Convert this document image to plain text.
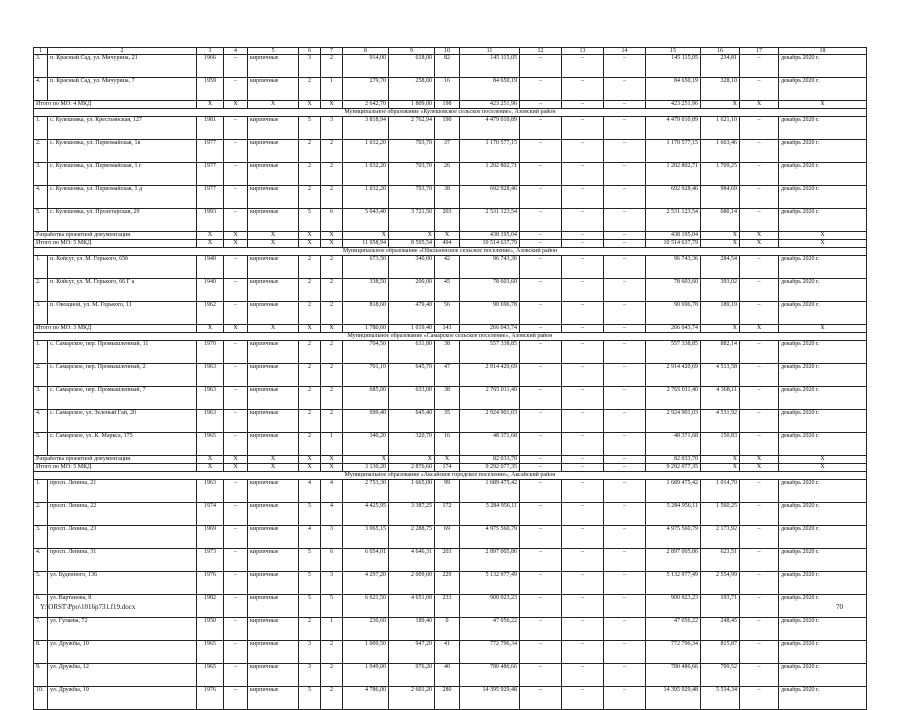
1	2	3	4	5	6	7	8	9	10	11	12	13	14	15	16	17	18
3.	п. Красный Сад, ул. Мичурина, 21	1966	–	кирпичные	3	2	914,00	618,00	82	145 115,05	–	–	–	145 115,05	234,81	–	декабрь 2020 г.
4.	п. Красный Сад, ул. Мичурина, 7	1959	–	кирпичные	2	1	279,70	258,00	16	84 650,19	–	–	–	84 650,19	328,10	–	декабрь 2020 г.
Итого по МО: 4 МКД		X	X	X	X	X	2 642,70	1 809,00	198	423 251,96	–	–	–	423 251,96	X	X	X
Муниципальное образование «Кулешовское сельское поселение», Азовский район																	
1.	с. Кулешовка, ул. Крестьянская, 127	1981	–	кирпичные	5	3	3 818,94	2 762,94	190	4 479 010,89	–	–	–	4 479 010,89	1 621,10	–	декабрь 2020 г.
2.	с. Кулешовка, ул. Первомайская, 1в	1977	–	кирпичные	2	2	1 032,20	703,70	37	1 170 577,15	–	–	–	1 170 577,15	1 663,46	–	декабрь 2020 г.
3.	с. Кулешовка, ул. Первомайская, 1 г	1977	–	кирпичные	2	2	1 032,20	703,70	26	1 202 802,71	–	–	–	1 202 802,71	1 709,25	–	декабрь 2020 г.
4.	с. Кулешовка, ул. Первомайская, 1 д	1977	–	кирпичные	2	2	1 032,20	703,70	38	692 928,46	–	–	–	692 928,46	984,69	–	декабрь 2020 г.
5.	с. Кулешовка, ул. Пролетарская, 29	1993	–	кирпичные	5	6	5 043,40	3 721,50	203	2 531 123,54	–	–	–	2 531 123,54	680,14	–	декабрь 2020 г.
Разработка проектной документации		X	X	X	X	X	X	X	X	438 195,04	–	–	–	438 195,04	X	X	X
Итого по МО: 5 МКД		X	X	X	X	X	11 958,94	8 595,54	494	10 514 637,79	–	–	–	10 514 637,79	X	X	X
Муниципальное образование «Обильненское сельское поселение», Азовский район																	
1.	п. Койсуг, ул. М. Горького, 65б	1940	–	кирпичные	2	2	673,50	340,00	42	96 743,36	–	–	–	96 743,36	284,54	–	декабрь 2020 г.
2.	п. Койсуг, ул. М. Горького, 66 Г а	1940	–	кирпичные	2	2	338,50	200,00	45	78 603,60	–	–	–	78 603,60	393,02	–	декабрь 2020 г.
3.	п. Овощной, ул. М. Горького, 11	1962	–	кирпичные	2	2	818,60	479,40	56	90 696,78	–	–	–	90 696,78	189,19	–	декабрь 2020 г.
Итого по МО: 3 МКД		X	X	X	X	X	1 780,60	1 019,40	143	266 043,74	–	–	–	266 043,74	X	X	X
Муниципальное образование «Самарское сельское поселение», Азовский район																	
1.	с. Самарское, пер. Промышленный, 11	1970	–	кирпичные	2	2	704,50	631,80	38	557 338,85	–	–	–	557 338,85	882,14	–	декабрь 2020 г.
2.	с. Самарское, пер. Промышленный, 2	1963	–	кирпичные	2	2	701,10	645,70	47	2 914 420,69	–	–	–	2 914 420,69	4 513,58	–	декабрь 2020 г.
3.	с. Самарское, пер. Промышленный, 7	1963	–	кирпичные	2	2	685,00	633,00	38	2 765 011,40	–	–	–	2 765 011,40	4 368,11	–	декабрь 2020 г.
4.	с. Самарское, ул. Зеленый Гай, 20	1963	–	кирпичные	2	2	699,40	645,40	35	2 924 901,03	–	–	–	2 924 901,03	4 531,92	–	декабрь 2020 г.
5.	с. Самарское, ул. К. Маркса, 175	1965	–	кирпичные	2	1	340,20	320,70	16	48 371,68	–	–	–	48 371,68	150,83	–	декабрь 2020 г.
Разработка проектной документации		X	X	X	X	X	X	X	X	82 033,70	–	–	–	82 033,70	X	X	X
Итого по МО: 5 МКД		X	X	X	X	X	3 130,20	2 876,60	174	9 292 077,35	–	–	–	9 292 077,35	X	X	X
Муниципальное образование «Аксайское городское поселение», Аксайский район																	
1.	просп. Ленина, 21	1963	–	кирпичные	4	4	2 753,30	1 665,00	99	1 689 475,42	–	–	–	1 689 475,42	1 014,70	–	декабрь 2020 г.
2.	просп. Ленина, 22	1974	–	кирпичные	5	4	4 425,95	3 387,25	172	5 284 956,11	–	–	–	5 284 956,11	1 560,25	–	декабрь 2020 г.
3.	просп. Ленина, 23	1969	–	кирпичные	4	3	3 065,15	2 288,75	69	4 975 560,79	–	–	–	4 975 560,79	2 173,92	–	декабрь 2020 г.
4.	просп. Ленина, 31	1973	–	кирпичные	5	6	6 054,01	4 646,31	203	2 897 005,86	–	–	–	2 897 005,86	623,51	–	декабрь 2020 г.
5.	ул. Буденного, 136	1976	–	кирпичные	5	3	4 297,20	2 009,00	229	5 132 977,49	–	–	–	5 132 977,49	2 554,99	–	декабрь 2020 г.
6.	ул. Вартанова, 8	1982	–	кирпичные	5	5	6 621,50	4 651,00	233	900 923,23	–	–	–	900 923,23	193,71	–	декабрь 2020 г.
7.	ул. Гулаева, 72	1950	–	кирпичные	2	1	230,60	189,40	0	47 056,22	–	–	–	47 056,22	248,45	–	декабрь 2020 г.
8.	ул. Дружбы, 10	1965	–	кирпичные	3	2	1 009,50	947,20	41	772 796,34	–	–	–	772 796,34	815,87	–	декабрь 2020 г.
9.	ул. Дружбы, 12	1965	–	кирпичные	3	2	1 049,00	976,20	40	780 486,66	–	–	–	780 486,66	799,52	–	декабрь 2020 г.
10.	ул. Дружбы, 19	1976	–	кирпичные	5	2	4 786,00	2 601,20	280	14 395 929,48	–	–	–	14 395 929,48	5 534,34	–	декабрь 2020 г.
Y:\ORST\Ppo\1016p731.f19.docx	70
